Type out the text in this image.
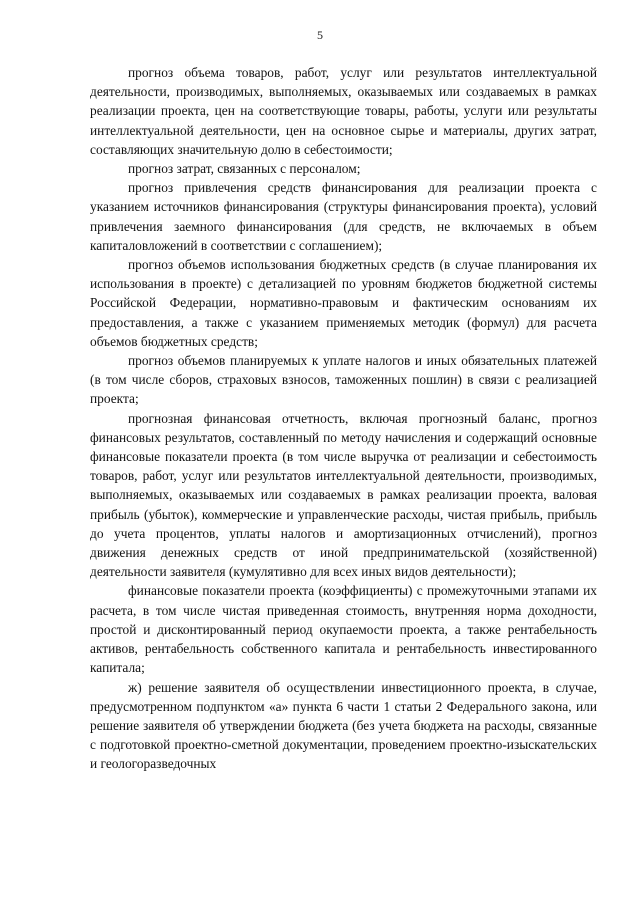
5

прогноз объема товаров, работ, услуг или результатов интеллектуальной деятельности, производимых, выполняемых, оказываемых или создаваемых в рамках реализации проекта, цен на соответствующие товары, работы, услуги или результаты интеллектуальной деятельности, цен на основное сырье и материалы, других затрат, составляющих значительную долю в себестоимости;

прогноз затрат, связанных с персоналом;

прогноз привлечения средств финансирования для реализации проекта с указанием источников финансирования (структуры финансирования проекта), условий привлечения заемного финансирования (для средств, не включаемых в объем капиталовложений в соответствии с соглашением);

прогноз объемов использования бюджетных средств (в случае планирования их использования в проекте) с детализацией по уровням бюджетов бюджетной системы Российской Федерации, нормативно-правовым и фактическим основаниям их предоставления, а также с указанием применяемых методик (формул) для расчета объемов бюджетных средств;

прогноз объемов планируемых к уплате налогов и иных обязательных платежей (в том числе сборов, страховых взносов, таможенных пошлин) в связи с реализацией проекта;

прогнозная финансовая отчетность, включая прогнозный баланс, прогноз финансовых результатов, составленный по методу начисления и содержащий основные финансовые показатели проекта (в том числе выручка от реализации и себестоимость товаров, работ, услуг или результатов интеллектуальной деятельности, производимых, выполняемых, оказываемых или создаваемых в рамках реализации проекта, валовая прибыль (убыток), коммерческие и управленческие расходы, чистая прибыль, прибыль до учета процентов, уплаты налогов и амортизационных отчислений), прогноз движения денежных средств от иной предпринимательской (хозяйственной) деятельности заявителя (кумулятивно для всех иных видов деятельности);

финансовые показатели проекта (коэффициенты) с промежуточными этапами их расчета, в том числе чистая приведенная стоимость, внутренняя норма доходности, простой и дисконтированный период окупаемости проекта, а также рентабельность активов, рентабельность собственного капитала и рентабельность инвестированного капитала;

ж) решение заявителя об осуществлении инвестиционного проекта, в случае, предусмотренном подпунктом «а» пункта 6 части 1 статьи 2 Федерального закона, или решение заявителя об утверждении бюджета (без учета бюджета на расходы, связанные с подготовкой проектно-сметной документации, проведением проектно-изыскательских и геологоразведочных
